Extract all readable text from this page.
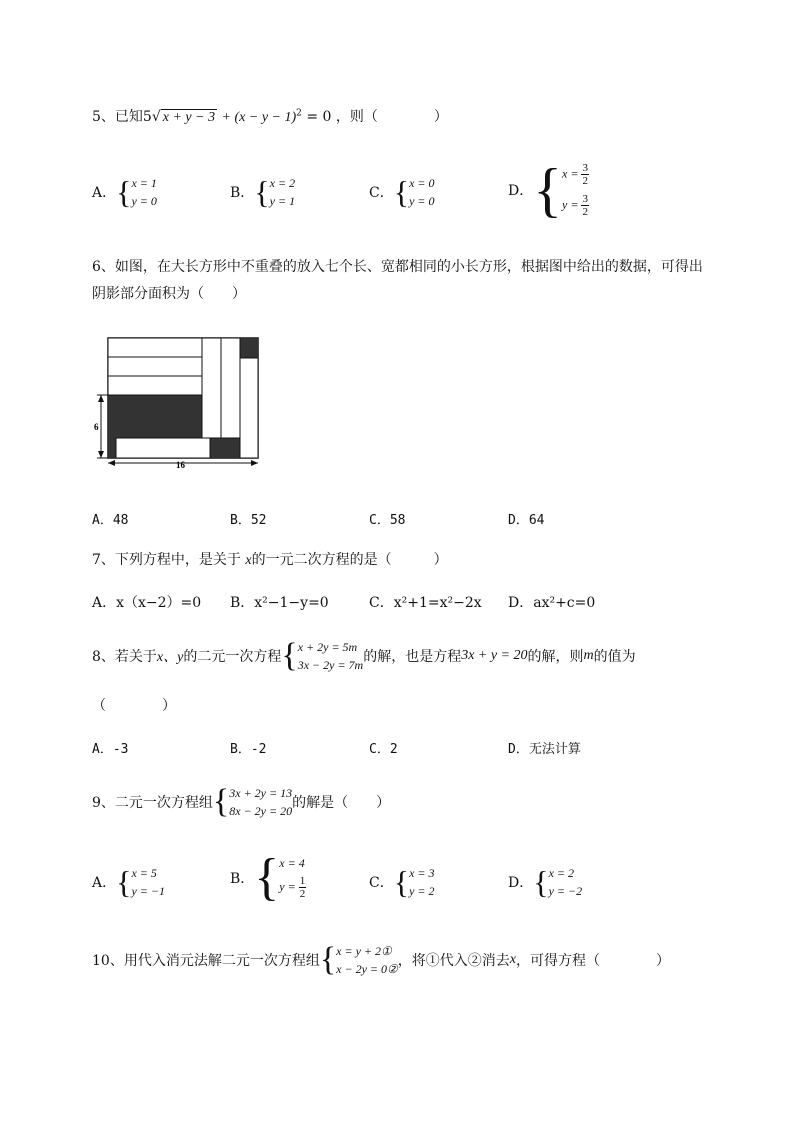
5、已知5√ $x + y - 3 + (x - y - 1)^2 = 0$ ，则（　　　　）
A． { x = 1
y = 0	B． { x = 2
y = 1	C． { x = 0
y = 0
D． { $x = \frac{3}{2}$
$y = \frac{3}{2}$
6、如图，在大长方形中不重叠的放入七个长、宽都相同的小长方形，根据图中给出的数据，可得出
阴影部分面积为（　　）
6
16
A．48	B．52	C．58	D．64
7、下列方程中，是关于 x的一元二次方程的是（　　　）
A．x（x−2）=0 B．x²−1−y=0	C．x²+1=x²−2x D．ax²+c=0
8、若关于 x、y 的二元一次方程 { x + 2y = 5m
3x − 2y = 7m 的解，也是方程 3x + y = 20 的解，则 m 的值为
（　　　　）
A．-3	B．-2	C．2	D．无法计算
9、二元一次方程组 { 3x + 2y = 13
8x − 2y = 20 的解是（　　）
A． { x = 5
y = −1
B． { x = 4
$y = \frac{1}{2}$	C． { x = 3
y = 2	D． { x = 2
y = −2
10、用代入消元法解二元一次方程组 { x = y + 2①
x − 2y = 0② ，将①代入②消去 x ，可得方程（　　　　）
